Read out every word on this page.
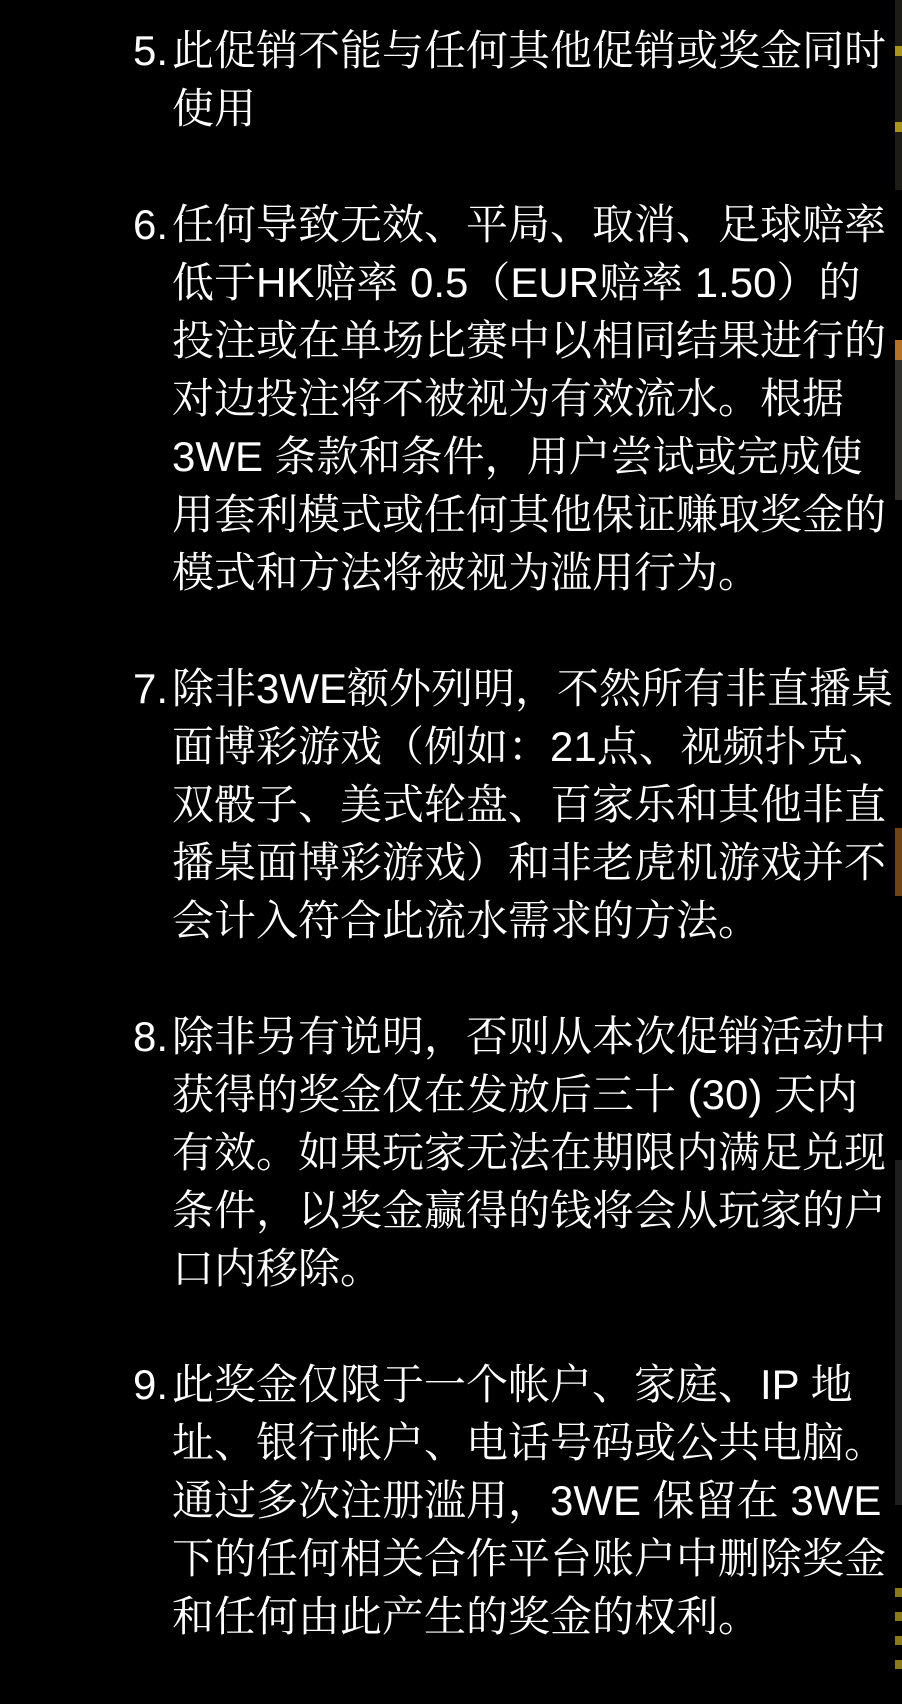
5. 此促销不能与任何其他促销或奖金同时
使用
6. 任何导致无效、平局、取消、足球赔率
低于HK赔率 0.5（EUR赔率 1.50）的
投注或在单场比赛中以相同结果进行的
对边投注将不被视为有效流水。根据
3WE 条款和条件，用户尝试或完成使
用套利模式或任何其他保证赚取奖金的
模式和方法将被视为滥用行为。
7. 除非3WE额外列明，不然所有非直播桌
面博彩游戏（例如：21点、视频扑克、
双骰子、美式轮盘、百家乐和其他非直
播桌面博彩游戏）和非老虎机游戏并不
会计入符合此流水需求的方法。
8. 除非另有说明，否则从本次促销活动中
获得的奖金仅在发放后三十 (30) 天内
有效。如果玩家无法在期限内满足兑现
条件，以奖金赢得的钱将会从玩家的户
口内移除。
9. 此奖金仅限于一个帐户、家庭、IP 地
址、银行帐户、电话号码或公共电脑。
通过多次注册滥用，3WE 保留在 3WE
下的任何相关合作平台账户中删除奖金
和任何由此产生的奖金的权利。
